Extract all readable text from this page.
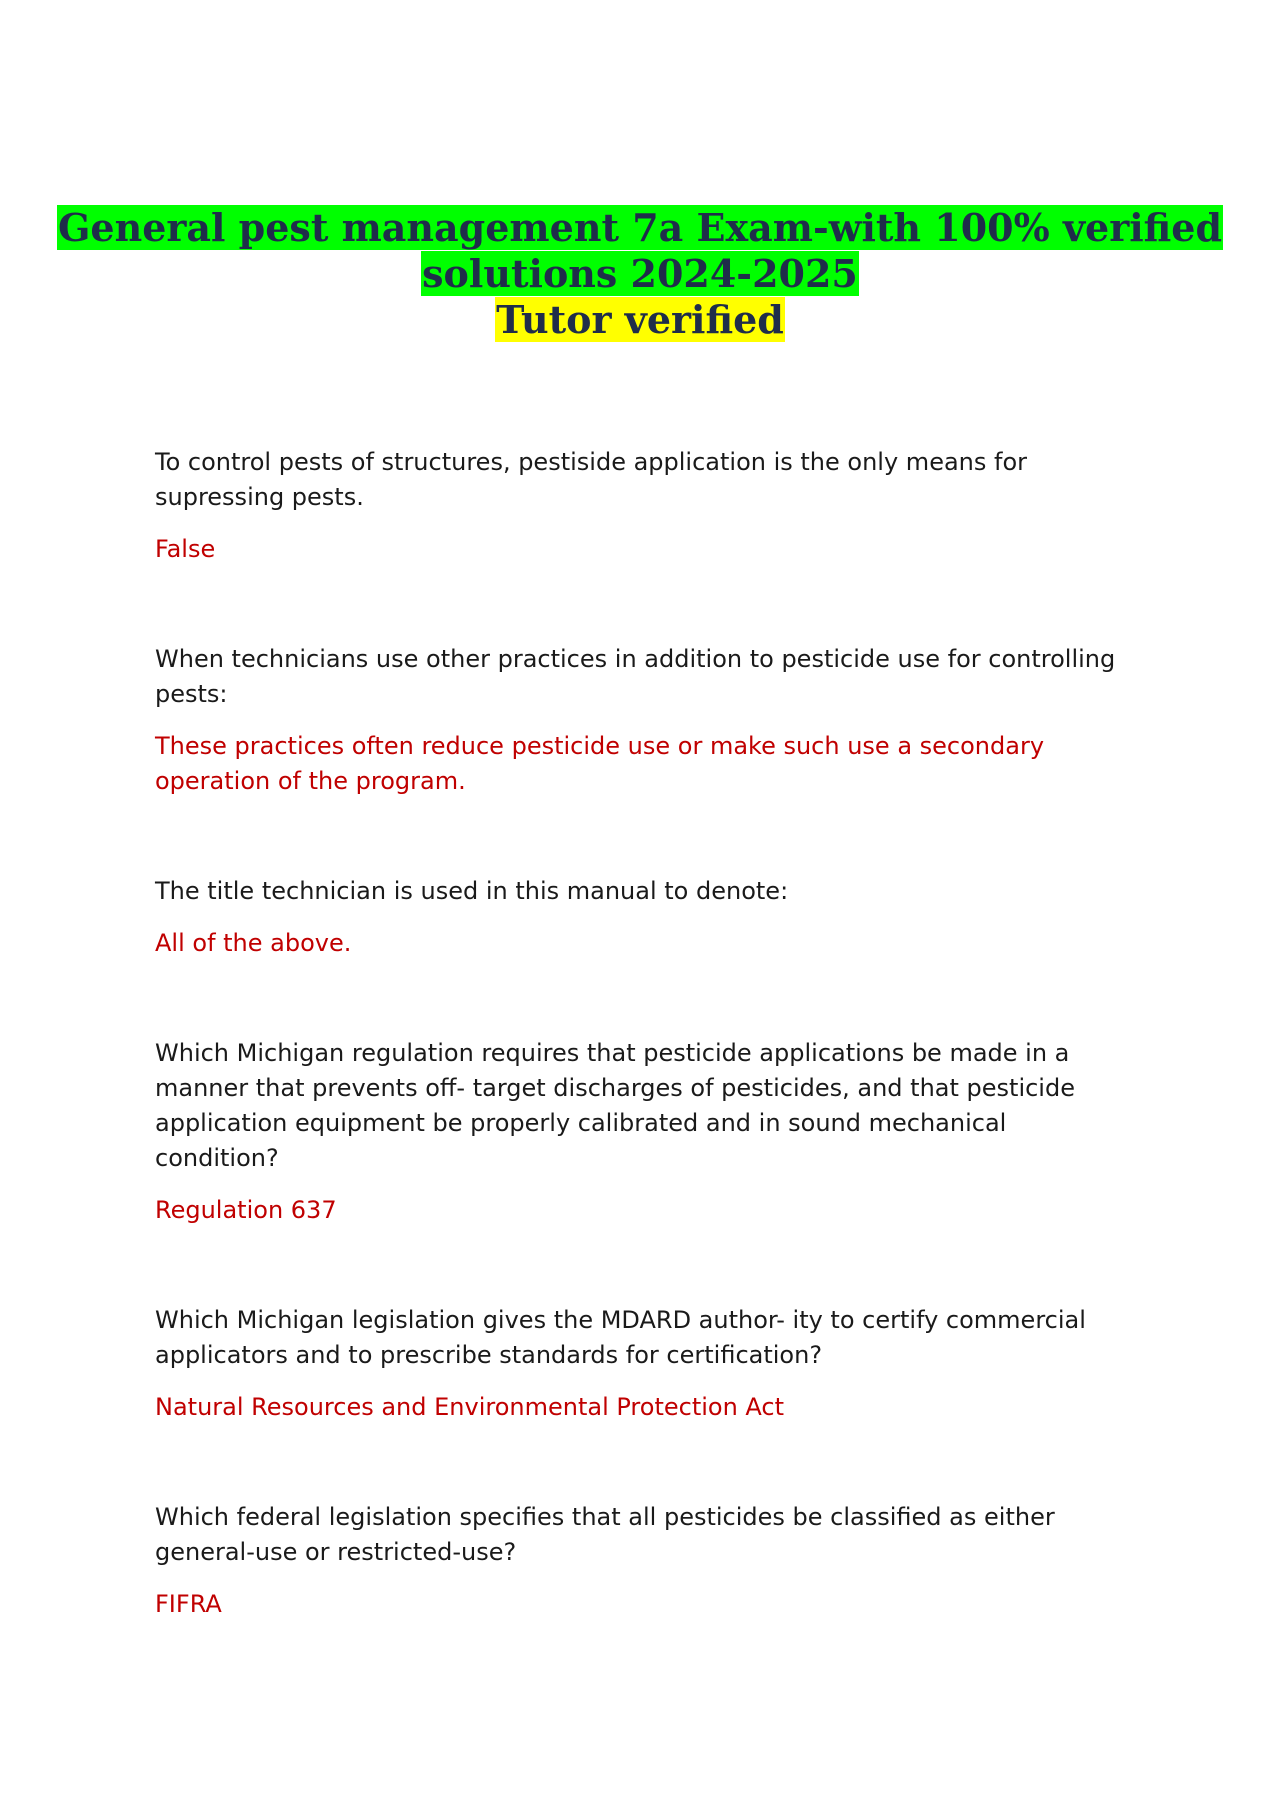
General pest management 7a Exam-with 100% verified
solutions 2024-2025
Tutor verified

To control pests of structures, pestiside application is the only means for supressing pests.

False

When technicians use other practices in addition to pesticide use for controlling pests:

These practices often reduce pesticide use or make such use a secondary operation of the program.

The title technician is used in this manual to denote:

All of the above.

Which Michigan regulation requires that pesticide applications be made in a manner that prevents off- target discharges of pesticides, and that pesticide application equipment be properly calibrated and in sound mechanical condition?

Regulation 637

Which Michigan legislation gives the MDARD author- ity to certify commercial applicators and to prescribe standards for certification?

Natural Resources and Environmental Protection Act

Which federal legislation specifies that all pesticides be classified as either general-use or restricted-use?

FIFRA
